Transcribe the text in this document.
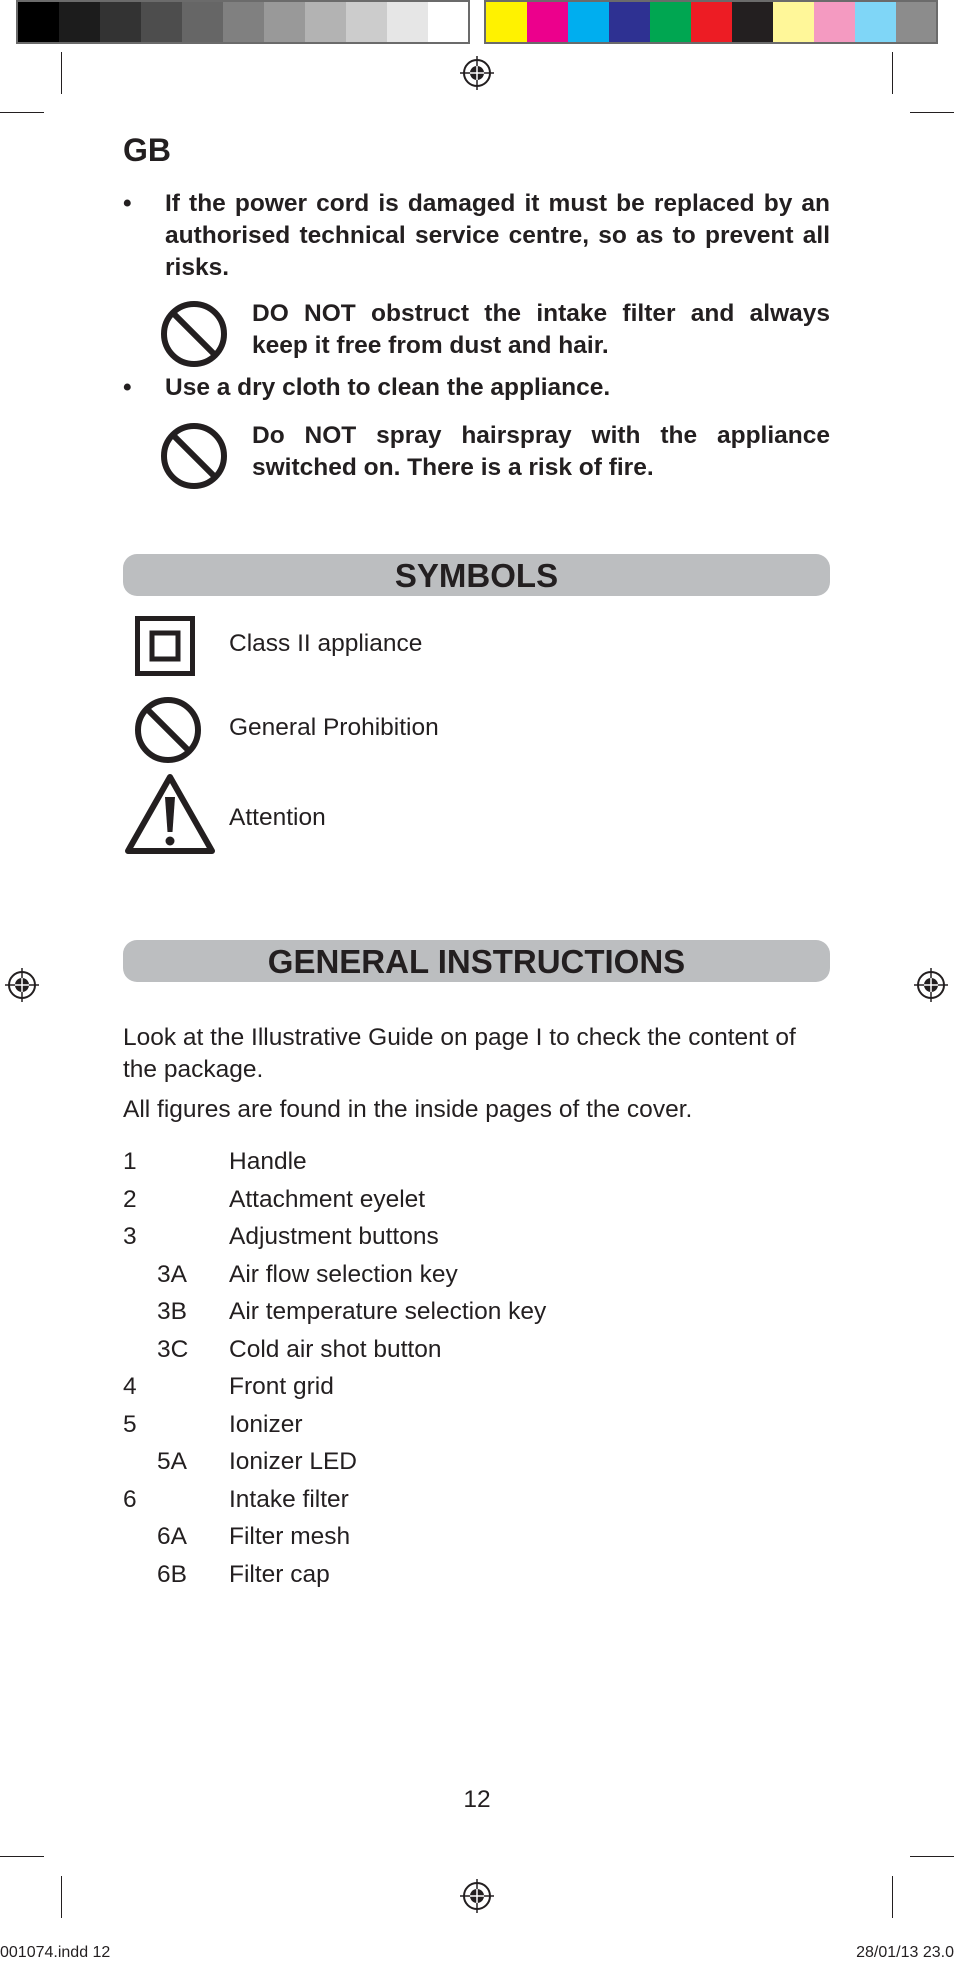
GB
• If the power cord is damaged it must be replaced by an authorised technical service centre, so as to prevent all risks.
DO NOT obstruct the intake filter and always keep it free from dust and hair.
• Use a dry cloth to clean the appliance.
Do NOT spray hairspray with the appliance switched on. There is a risk of fire.
SYMBOLS
Class II appliance
General Prohibition
Attention
GENERAL INSTRUCTIONS
Look at the Illustrative Guide on page I to check the content of the package.
All figures are found in the inside pages of the cover.
1	Handle
2	Attachment eyelet
3	Adjustment buttons
3A Air flow selection key
3B Air temperature selection key
3C Cold air shot button
4	Front grid
5	Ionizer
5A Ionizer LED
6	Intake filter
6A Filter mesh
6B Filter cap
12
001074.indd 12	28/01/13 23.0
